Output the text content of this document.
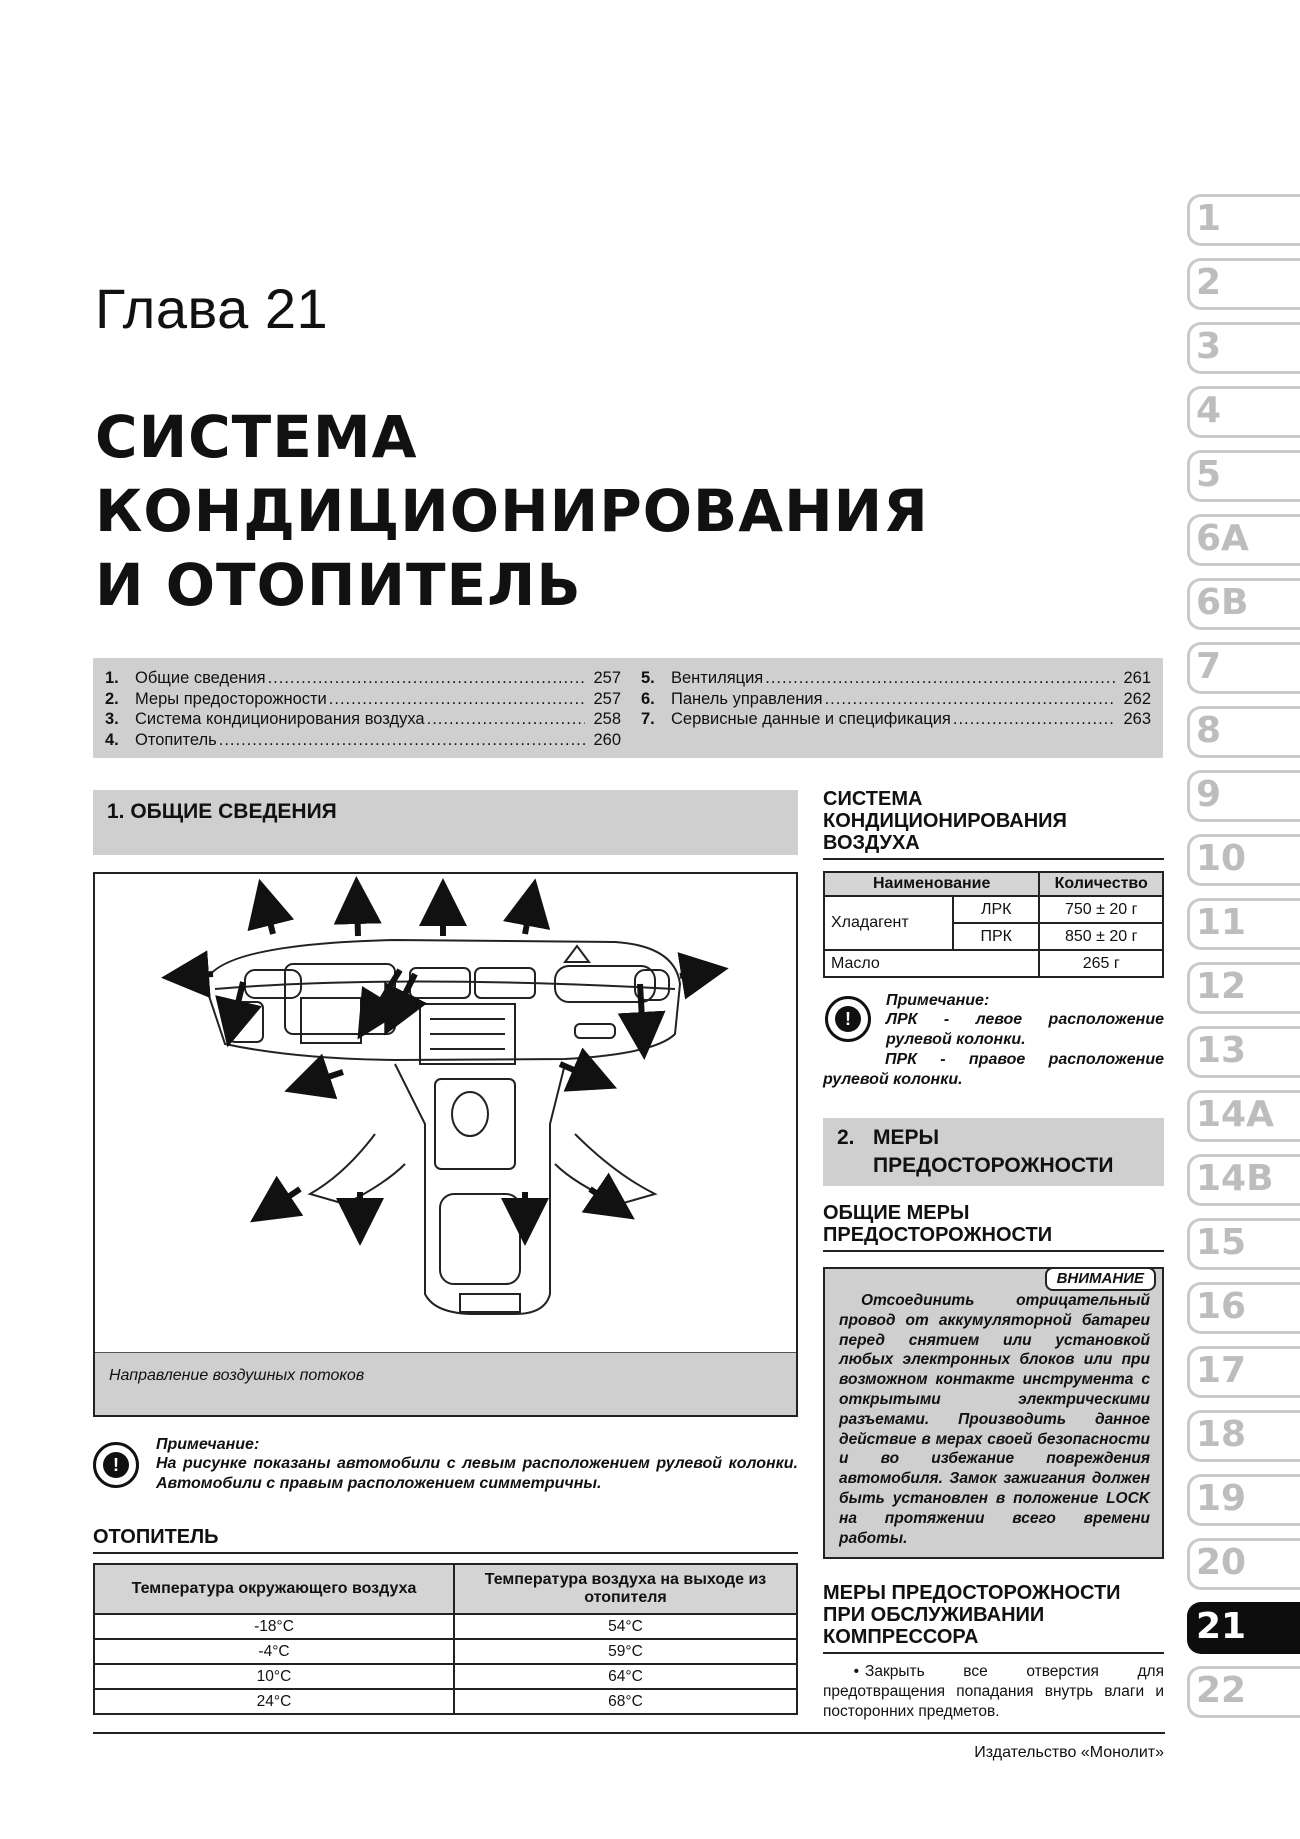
Глава 21
СИСТЕМА
КОНДИЦИОНИРОВАНИЯ
И ОТОПИТЕЛЬ
1. Общие сведения .....	257
2. Меры предосторожности .....	257
3. Система кондиционирования воздуха .....	258
4. Отопитель .....	260
5. Вентиляция .....	261
6. Панель управления .....	262
7. Сервисные данные и спецификация .....	263
1. ОБЩИЕ СВЕДЕНИЯ
Направление воздушных потоков
!
Примечание:
На рисунке показаны автомобили с левым расположением рулевой колонки. Автомобили с правым расположением симметричны.
ОТОПИТЕЛЬ
Температура окружающего воздуха	Температура воздуха на выходе из отопителя
-18°C	54°C
-4°C	59°C
10°C	64°C
24°C	68°C
СИСТЕМА КОНДИЦИОНИРОВАНИЯ ВОЗДУХА
Наименование		Количество
Хладагент	ЛРК	750 ± 20 г
	ПРК	850 ± 20 г
Масло		265 г
!
Примечание:
ЛРК - левое расположение рулевой колонки.
ПРК - правое расположение рулевой колонки.
2. МЕРЫ
ПРЕДОСТОРОЖНОСТИ
ОБЩИЕ МЕРЫ ПРЕДОСТОРОЖНОСТИ
ВНИМАНИЕ
Отсоединить отрицательный провод от аккумуляторной батареи перед снятием или установкой любых электронных блоков или при возможном контакте инструмента с открытыми электрическими разъемами. Производить данное действие в мерах своей безопасности и во избежание повреждения автомобиля. Замок зажигания должен быть установлен в положение LOCK на протяжении всего времени работы.
МЕРЫ ПРЕДОСТОРОЖНОСТИ ПРИ ОБСЛУЖИВАНИИ КОМПРЕССОРА
• Закрыть все отверстия для предотвращения попадания внутрь влаги и посторонних предметов.
Издательство «Монолит»
1
2
3
4
5
6A
6B
7
8
9
10
11
12
13
14A
14B
15
16
17
18
19
20
21
22
